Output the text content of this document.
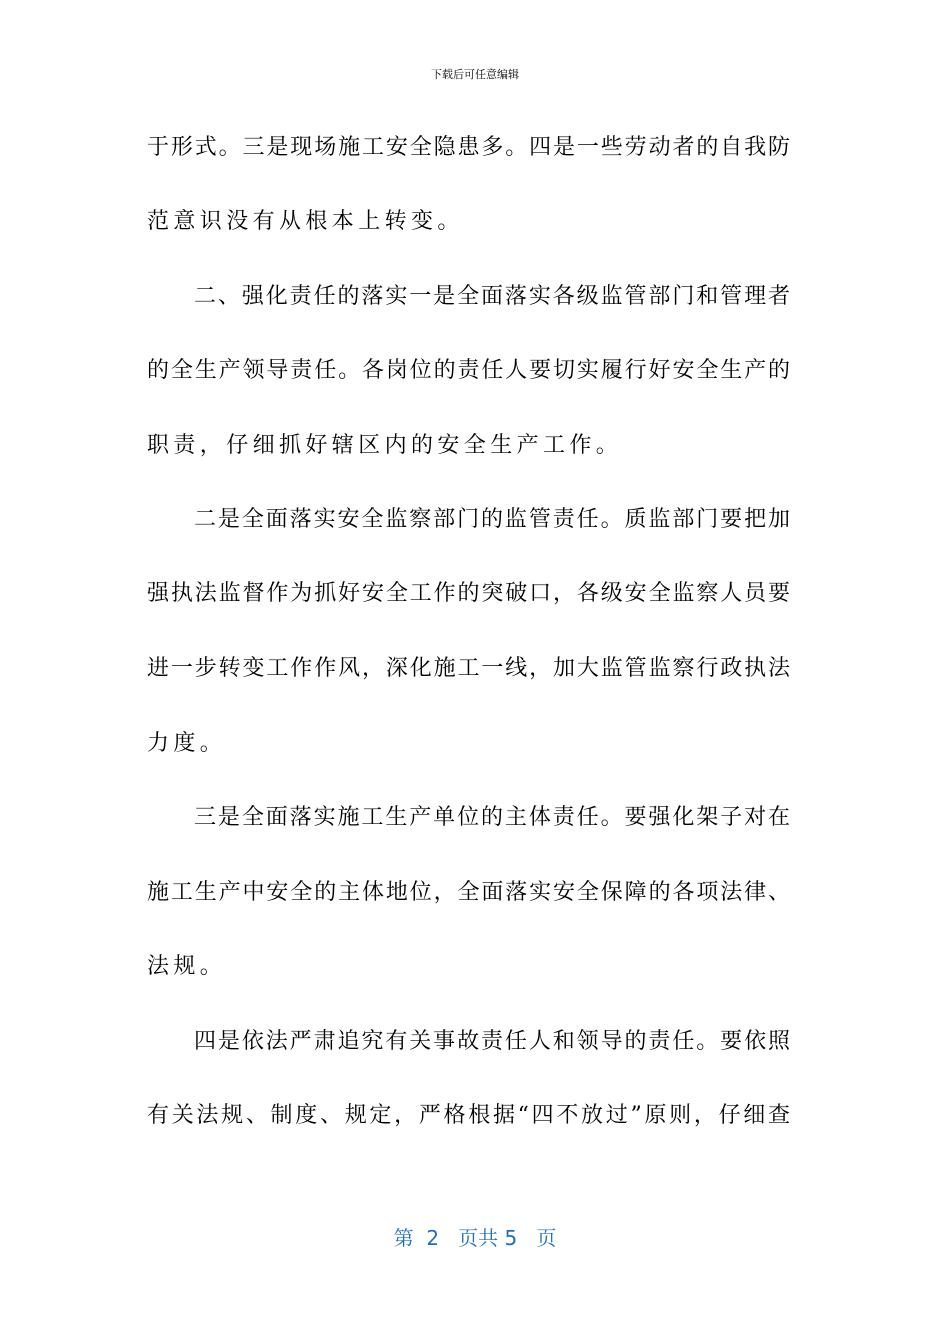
下载后可任意编辑
于形式。三是现场施工安全隐患多。四是一些劳动者的自我防
范意识没有从根本上转变。
二、强化责任的落实一是全面落实各级监管部门和管理者
的全生产领导责任。各岗位的责任人要切实履行好安全生产的
职责，仔细抓好辖区内的安全生产工作。
二是全面落实安全监察部门的监管责任。质监部门要把加
强执法监督作为抓好安全工作的突破口，各级安全监察人员要
进一步转变工作作风，深化施工一线，加大监管监察行政执法
力度。
三是全面落实施工生产单位的主体责任。要强化架子对在
施工生产中安全的主体地位，全面落实安全保障的各项法律、
法规。
四是依法严肃追究有关事故责任人和领导的责任。要依照
有关法规、制度、规定，严格根据“四不放过”原则，仔细查
第  2   页共 5   页
